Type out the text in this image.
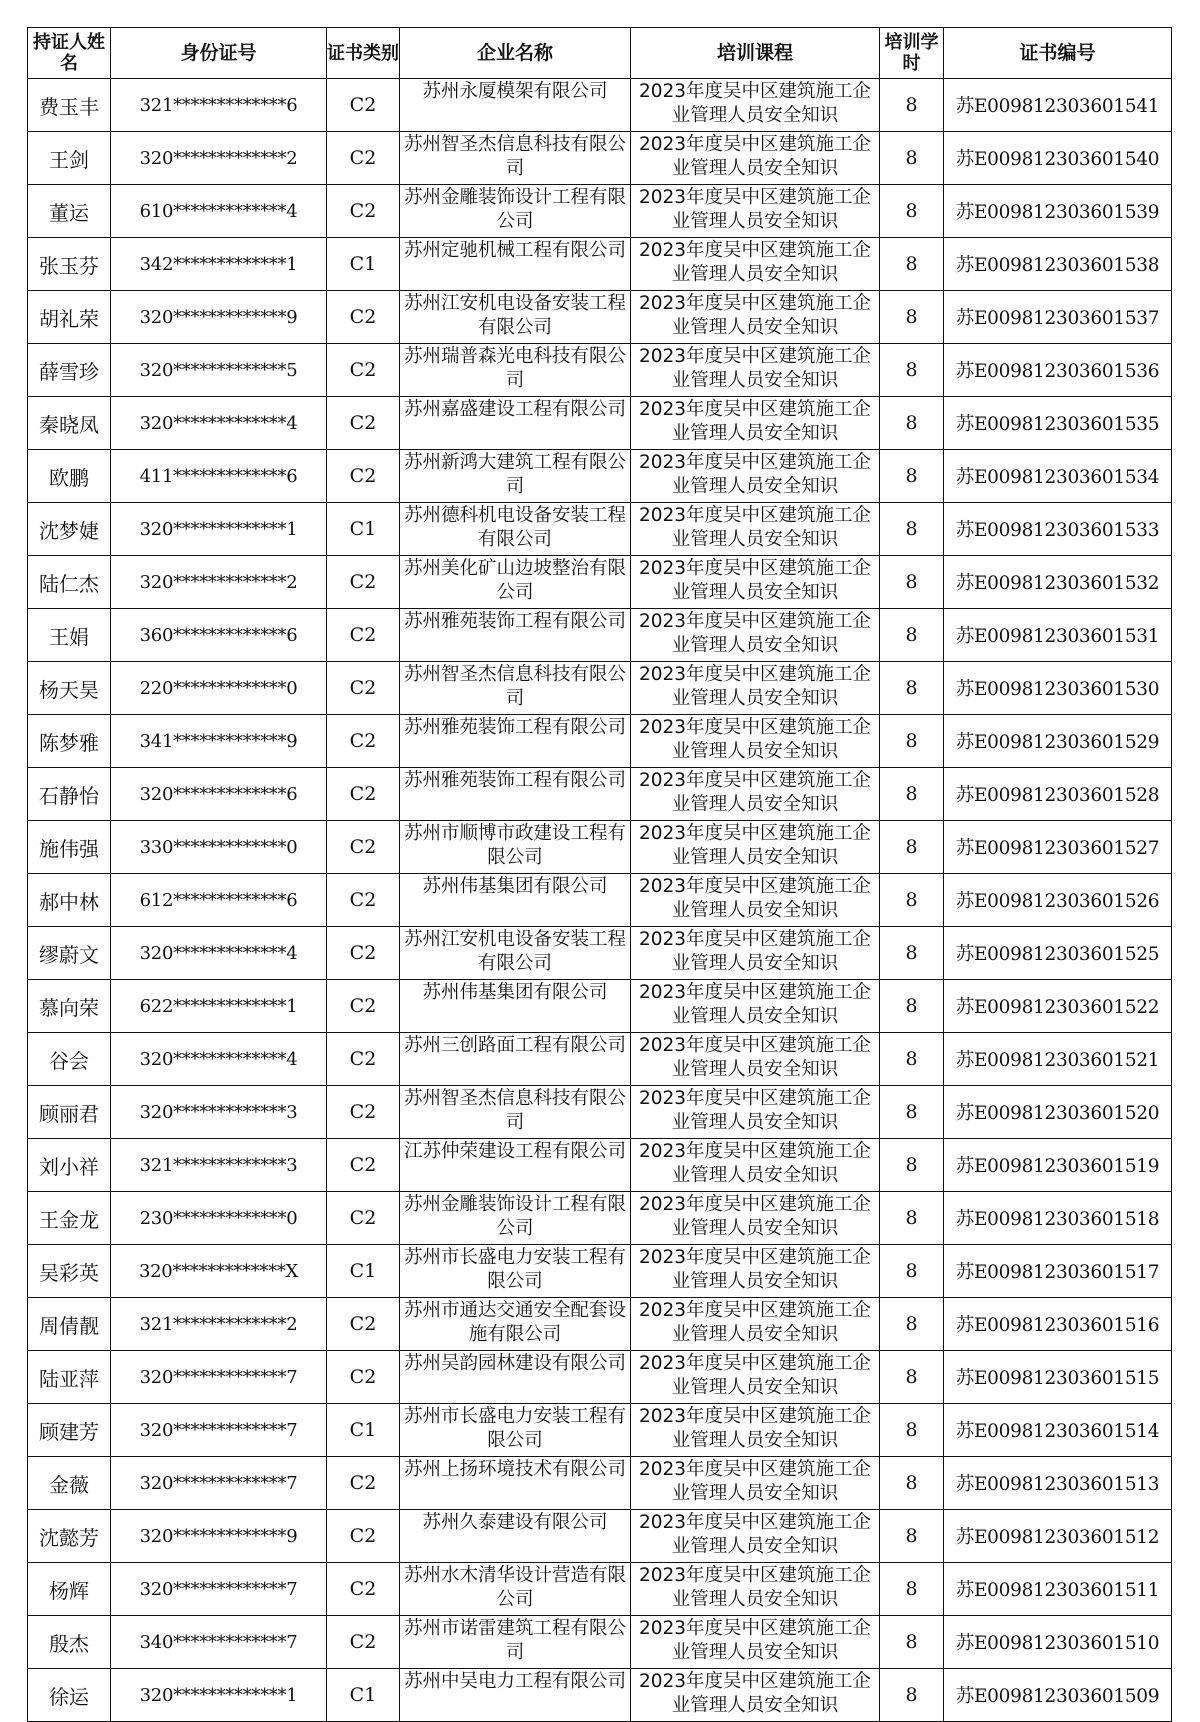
持证人姓名	身份证号	证书类别	企业名称	培训课程	培训学时	证书编号
费玉丰	321*************6	C2	苏州永厦模架有限公司	2023年度吴中区建筑施工企业管理人员安全知识	8	苏E009812303601541
王剑	320*************2	C2	苏州智圣杰信息科技有限公司	2023年度吴中区建筑施工企业管理人员安全知识	8	苏E009812303601540
董运	610*************4	C2	苏州金雕装饰设计工程有限公司	2023年度吴中区建筑施工企业管理人员安全知识	8	苏E009812303601539
张玉芬	342*************1	C1	苏州定驰机械工程有限公司	2023年度吴中区建筑施工企业管理人员安全知识	8	苏E009812303601538
胡礼荣	320*************9	C2	苏州江安机电设备安装工程有限公司	2023年度吴中区建筑施工企业管理人员安全知识	8	苏E009812303601537
薛雪珍	320*************5	C2	苏州瑞普森光电科技有限公司	2023年度吴中区建筑施工企业管理人员安全知识	8	苏E009812303601536
秦晓凤	320*************4	C2	苏州嘉盛建设工程有限公司	2023年度吴中区建筑施工企业管理人员安全知识	8	苏E009812303601535
欧鹏	411*************6	C2	苏州新鸿大建筑工程有限公司	2023年度吴中区建筑施工企业管理人员安全知识	8	苏E009812303601534
沈梦婕	320*************1	C1	苏州德科机电设备安装工程有限公司	2023年度吴中区建筑施工企业管理人员安全知识	8	苏E009812303601533
陆仁杰	320*************2	C2	苏州美化矿山边坡整治有限公司	2023年度吴中区建筑施工企业管理人员安全知识	8	苏E009812303601532
王娟	360*************6	C2	苏州雅苑装饰工程有限公司	2023年度吴中区建筑施工企业管理人员安全知识	8	苏E009812303601531
杨天昊	220*************0	C2	苏州智圣杰信息科技有限公司	2023年度吴中区建筑施工企业管理人员安全知识	8	苏E009812303601530
陈梦雅	341*************9	C2	苏州雅苑装饰工程有限公司	2023年度吴中区建筑施工企业管理人员安全知识	8	苏E009812303601529
石静怡	320*************6	C2	苏州雅苑装饰工程有限公司	2023年度吴中区建筑施工企业管理人员安全知识	8	苏E009812303601528
施伟强	330*************0	C2	苏州市顺博市政建设工程有限公司	2023年度吴中区建筑施工企业管理人员安全知识	8	苏E009812303601527
郝中林	612*************6	C2	苏州伟基集团有限公司	2023年度吴中区建筑施工企业管理人员安全知识	8	苏E009812303601526
缪蔚文	320*************4	C2	苏州江安机电设备安装工程有限公司	2023年度吴中区建筑施工企业管理人员安全知识	8	苏E009812303601525
慕向荣	622*************1	C2	苏州伟基集团有限公司	2023年度吴中区建筑施工企业管理人员安全知识	8	苏E009812303601522
谷会	320*************4	C2	苏州三创路面工程有限公司	2023年度吴中区建筑施工企业管理人员安全知识	8	苏E009812303601521
顾丽君	320*************3	C2	苏州智圣杰信息科技有限公司	2023年度吴中区建筑施工企业管理人员安全知识	8	苏E009812303601520
刘小祥	321*************3	C2	江苏仲荣建设工程有限公司	2023年度吴中区建筑施工企业管理人员安全知识	8	苏E009812303601519
王金龙	230*************0	C2	苏州金雕装饰设计工程有限公司	2023年度吴中区建筑施工企业管理人员安全知识	8	苏E009812303601518
吴彩英	320*************X	C1	苏州市长盛电力安装工程有限公司	2023年度吴中区建筑施工企业管理人员安全知识	8	苏E009812303601517
周倩靓	321*************2	C2	苏州市通达交通安全配套设施有限公司	2023年度吴中区建筑施工企业管理人员安全知识	8	苏E009812303601516
陆亚萍	320*************7	C2	苏州吴韵园林建设有限公司	2023年度吴中区建筑施工企业管理人员安全知识	8	苏E009812303601515
顾建芳	320*************7	C1	苏州市长盛电力安装工程有限公司	2023年度吴中区建筑施工企业管理人员安全知识	8	苏E009812303601514
金薇	320*************7	C2	苏州上扬环境技术有限公司	2023年度吴中区建筑施工企业管理人员安全知识	8	苏E009812303601513
沈懿芳	320*************9	C2	苏州久泰建设有限公司	2023年度吴中区建筑施工企业管理人员安全知识	8	苏E009812303601512
杨辉	320*************7	C2	苏州水木清华设计营造有限公司	2023年度吴中区建筑施工企业管理人员安全知识	8	苏E009812303601511
殷杰	340*************7	C2	苏州市诺雷建筑工程有限公司	2023年度吴中区建筑施工企业管理人员安全知识	8	苏E009812303601510
徐运	320*************1	C1	苏州中吴电力工程有限公司	2023年度吴中区建筑施工企业管理人员安全知识	8	苏E009812303601509
